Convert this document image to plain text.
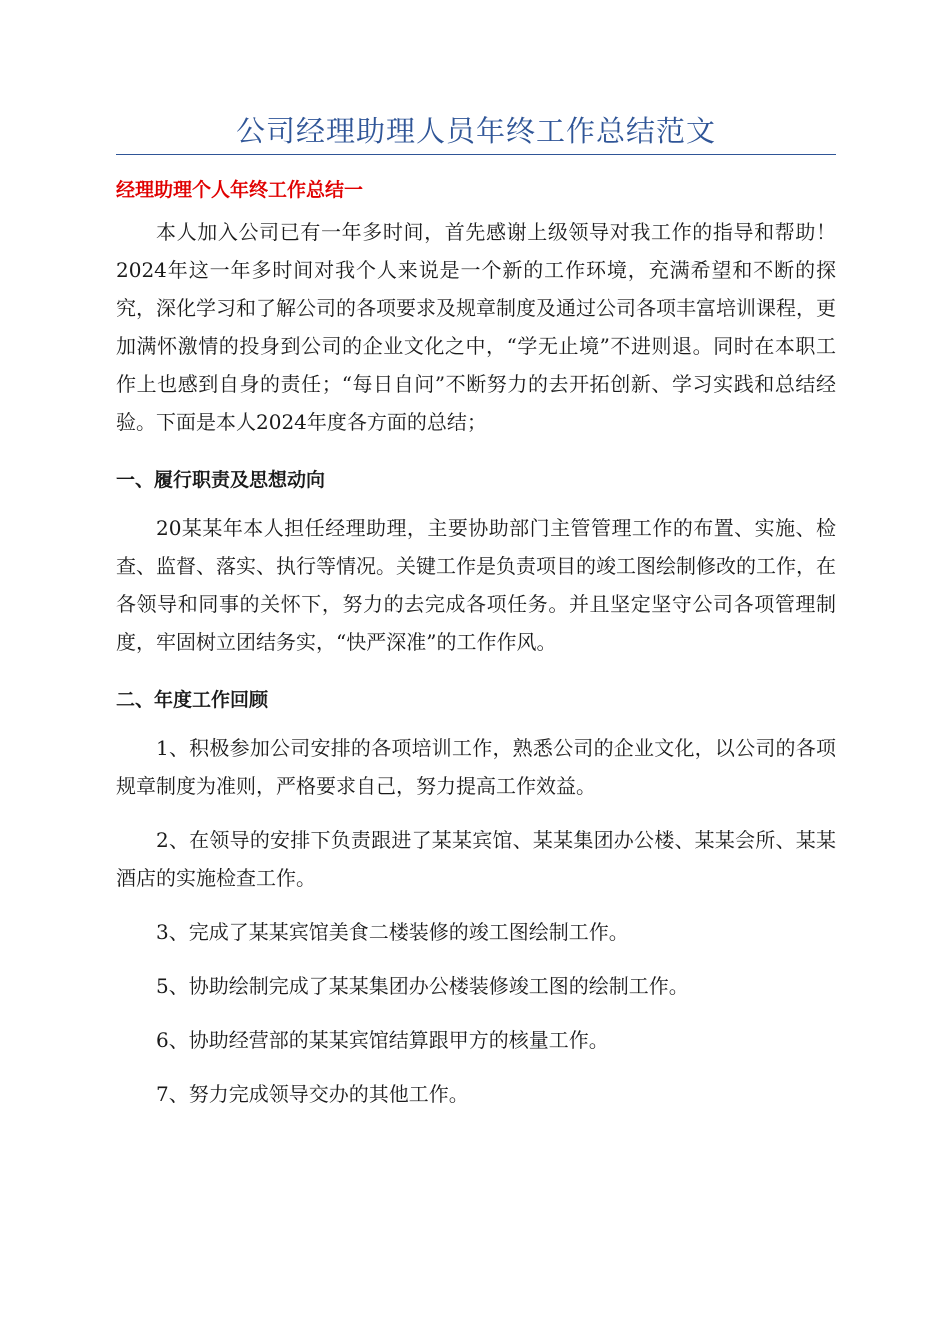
公司经理助理人员年终工作总结范文
经理助理个人年终工作总结一

本人加入公司已有一年多时间，首先感谢上级领导对我工作的指导和帮助！2024年这一年多时间对我个人来说是一个新的工作环境，充满希望和不断的探究，深化学习和了解公司的各项要求及规章制度及通过公司各项丰富培训课程，更加满怀激情的投身到公司的企业文化之中，“学无止境”不进则退。同时在本职工作上也感到自身的责任；“每日自问”不断努力的去开拓创新、学习实践和总结经验。下面是本人2024年度各方面的总结；

一、履行职责及思想动向

20某某年本人担任经理助理，主要协助部门主管管理工作的布置、实施、检查、监督、落实、执行等情况。关键工作是负责项目的竣工图绘制修改的工作，在各领导和同事的关怀下，努力的去完成各项任务。并且坚定坚守公司各项管理制度，牢固树立团结务实，“快严深准”的工作作风。

二、年度工作回顾

1、积极参加公司安排的各项培训工作，熟悉公司的企业文化，以公司的各项规章制度为准则，严格要求自己，努力提高工作效益。

2、在领导的安排下负责跟进了某某宾馆、某某集团办公楼、某某会所、某某酒店的实施检查工作。

3、完成了某某宾馆美食二楼装修的竣工图绘制工作。

5、协助绘制完成了某某集团办公楼装修竣工图的绘制工作。

6、协助经营部的某某宾馆结算跟甲方的核量工作。

7、努力完成领导交办的其他工作。
